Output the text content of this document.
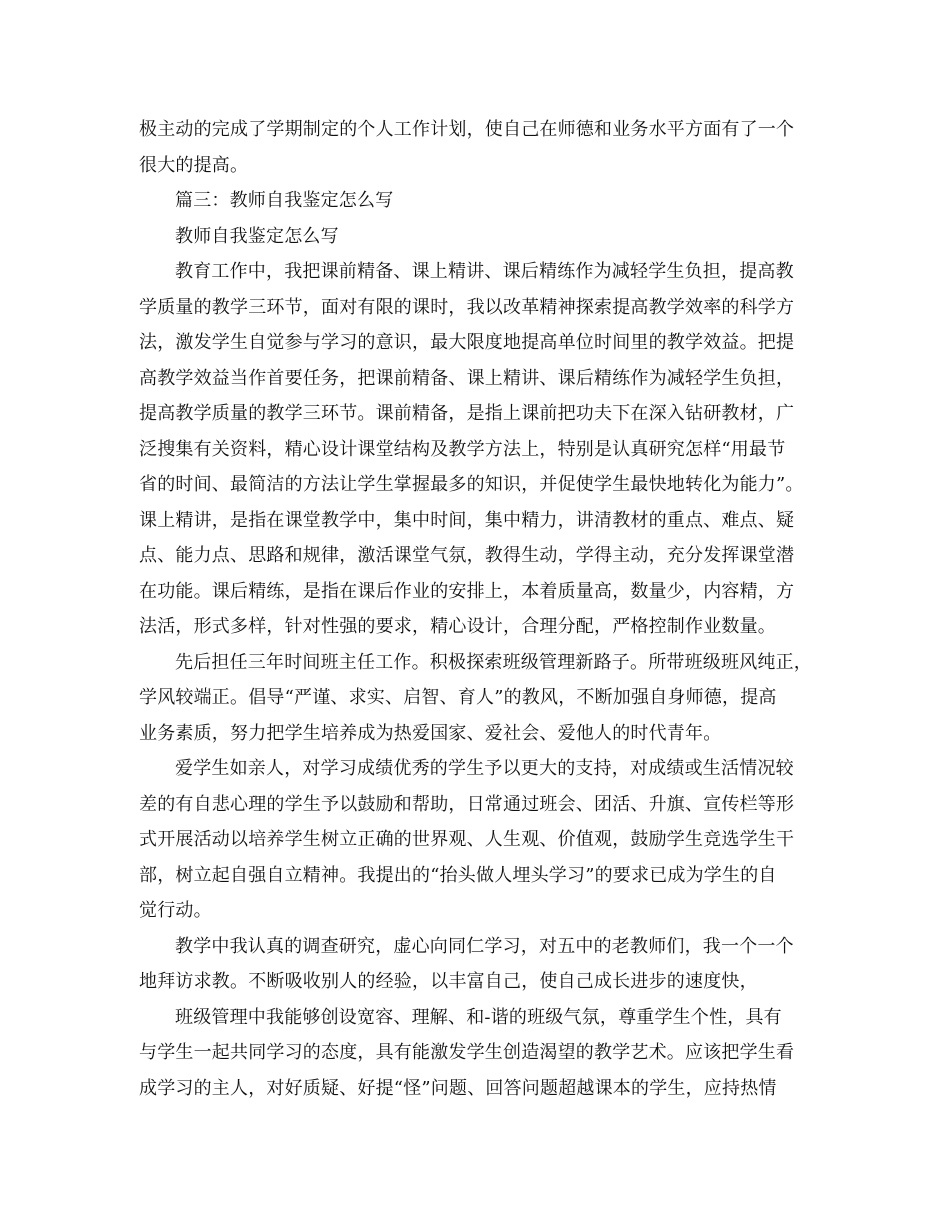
极主动的完成了学期制定的个人工作计划，使自己在师德和业务水平方面有了一个
很大的提高。
篇三：教师自我鉴定怎么写
教师自我鉴定怎么写
教育工作中，我把课前精备、课上精讲、课后精练作为减轻学生负担，提高教
学质量的教学三环节，面对有限的课时，我以改革精神探索提高教学效率的科学方
法，激发学生自觉参与学习的意识，最大限度地提高单位时间里的教学效益。把提
高教学效益当作首要任务，把课前精备、课上精讲、课后精练作为减轻学生负担，
提高教学质量的教学三环节。课前精备，是指上课前把功夫下在深入钻研教材，广
泛搜集有关资料，精心设计课堂结构及教学方法上，特别是认真研究怎样“用最节
省的时间、最简洁的方法让学生掌握最多的知识，并促使学生最快地转化为能力”。
课上精讲，是指在课堂教学中，集中时间，集中精力，讲清教材的重点、难点、疑
点、能力点、思路和规律，激活课堂气氛，教得生动，学得主动，充分发挥课堂潜
在功能。课后精练，是指在课后作业的安排上，本着质量高，数量少，内容精，方
法活，形式多样，针对性强的要求，精心设计，合理分配，严格控制作业数量。
先后担任三年时间班主任工作。积极探索班级管理新路子。所带班级班风纯正，
学风较端正。倡导“严谨、求实、启智、育人”的教风，不断加强自身师德，提高
业务素质，努力把学生培养成为热爱国家、爱社会、爱他人的时代青年。
爱学生如亲人，对学习成绩优秀的学生予以更大的支持，对成绩或生活情况较
差的有自悲心理的学生予以鼓励和帮助，日常通过班会、团活、升旗、宣传栏等形
式开展活动以培养学生树立正确的世界观、人生观、价值观，鼓励学生竞选学生干
部，树立起自强自立精神。我提出的“抬头做人埋头学习”的要求已成为学生的自
觉行动。
教学中我认真的调查研究，虚心向同仁学习，对五中的老教师们，我一个一个
地拜访求教。不断吸收别人的经验，以丰富自己，使自己成长进步的速度快，
班级管理中我能够创设宽容、理解、和-谐的班级气氛，尊重学生个性，具有
与学生一起共同学习的态度，具有能激发学生创造渴望的教学艺术。应该把学生看
成学习的主人，对好质疑、好提“怪”问题、回答问题超越课本的学生，应持热情
